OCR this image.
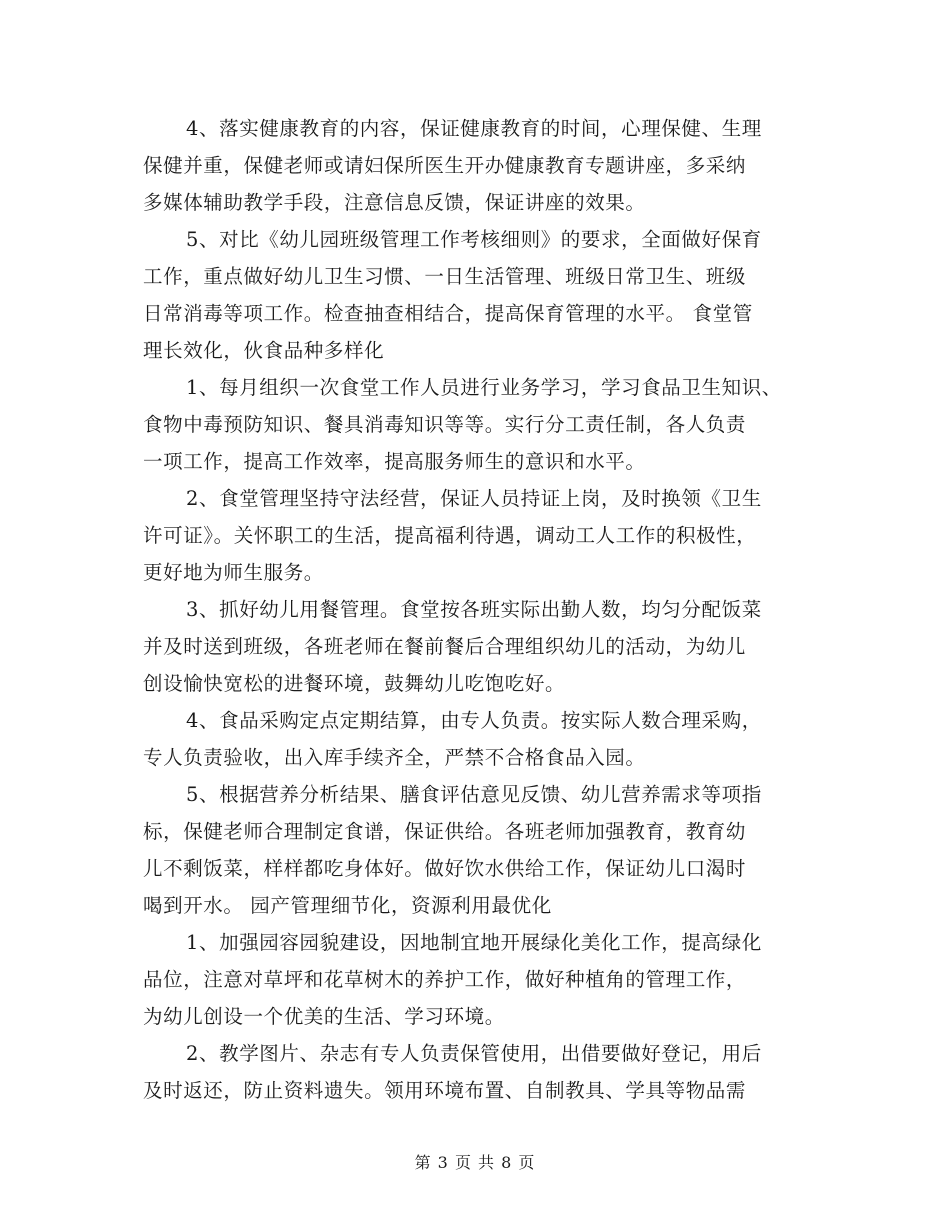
4、落实健康教育的内容，保证健康教育的时间，心理保健、生理
保健并重，保健老师或请妇保所医生开办健康教育专题讲座，多采纳
多媒体辅助教学手段，注意信息反馈，保证讲座的效果。
5、对比《幼儿园班级管理工作考核细则》的要求，全面做好保育
工作，重点做好幼儿卫生习惯、一日生活管理、班级日常卫生、班级
日常消毒等项工作。检查抽查相结合，提高保育管理的水平。 食堂管
理长效化，伙食品种多样化
1、每月组织一次食堂工作人员进行业务学习，学习食品卫生知识、
食物中毒预防知识、餐具消毒知识等等。实行分工责任制，各人负责
一项工作，提高工作效率，提高服务师生的意识和水平。
2、食堂管理坚持守法经营，保证人员持证上岗，及时换领《卫生
许可证》。关怀职工的生活，提高福利待遇，调动工人工作的积极性，
更好地为师生服务。
3、抓好幼儿用餐管理。食堂按各班实际出勤人数，均匀分配饭菜
并及时送到班级，各班老师在餐前餐后合理组织幼儿的活动，为幼儿
创设愉快宽松的进餐环境，鼓舞幼儿吃饱吃好。
4、食品采购定点定期结算，由专人负责。按实际人数合理采购，
专人负责验收，出入库手续齐全，严禁不合格食品入园。
5、根据营养分析结果、膳食评估意见反馈、幼儿营养需求等项指
标，保健老师合理制定食谱，保证供给。各班老师加强教育，教育幼
儿不剩饭菜，样样都吃身体好。做好饮水供给工作，保证幼儿口渴时
喝到开水。 园产管理细节化，资源利用最优化
1、加强园容园貌建设，因地制宜地开展绿化美化工作，提高绿化
品位，注意对草坪和花草树木的养护工作，做好种植角的管理工作，
为幼儿创设一个优美的生活、学习环境。
2、教学图片、杂志有专人负责保管使用，出借要做好登记，用后
及时返还，防止资料遗失。领用环境布置、自制教具、学具等物品需
第 3 页 共 8 页
